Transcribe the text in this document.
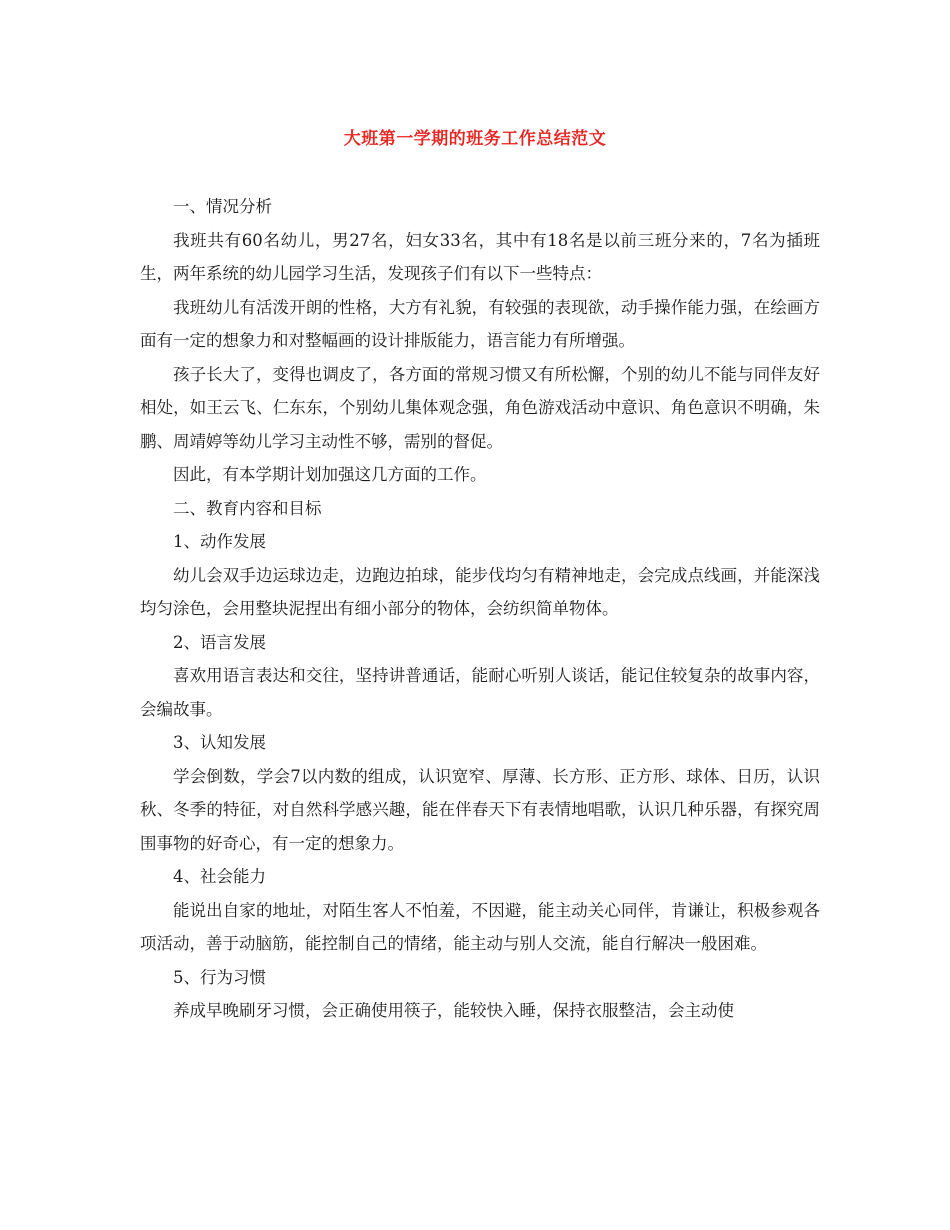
大班第一学期的班务工作总结范文

一、情况分析

我班共有60名幼儿，男27名，妇女33名，其中有18名是以前三班分来的，7名为插班生，两年系统的幼儿园学习生活，发现孩子们有以下一些特点：

我班幼儿有活泼开朗的性格，大方有礼貌，有较强的表现欲，动手操作能力强，在绘画方面有一定的想象力和对整幅画的设计排版能力，语言能力有所增强。

孩子长大了，变得也调皮了，各方面的常规习惯又有所松懈，个别的幼儿不能与同伴友好相处，如王云飞、仁东东，个别幼儿集体观念强，角色游戏活动中意识、角色意识不明确，朱鹏、周靖婷等幼儿学习主动性不够，需别的督促。

因此，有本学期计划加强这几方面的工作。

二、教育内容和目标

1、动作发展

幼儿会双手边运球边走，边跑边拍球，能步伐均匀有精神地走，会完成点线画，并能深浅均匀涂色，会用整块泥捏出有细小部分的物体，会纺织简单物体。

2、语言发展

喜欢用语言表达和交往，坚持讲普通话，能耐心听别人谈话，能记住较复杂的故事内容，会编故事。

3、认知发展

学会倒数，学会7以内数的组成，认识宽窄、厚薄、长方形、正方形、球体、日历，认识秋、冬季的特征，对自然科学感兴趣，能在伴春天下有表情地唱歌，认识几种乐器，有探究周围事物的好奇心，有一定的想象力。

4、社会能力

能说出自家的地址，对陌生客人不怕羞，不因避，能主动关心同伴，肯谦让，积极参观各项活动，善于动脑筋，能控制自己的情绪，能主动与别人交流，能自行解决一般困难。

5、行为习惯

养成早晚刷牙习惯，会正确使用筷子，能较快入睡，保持衣服整洁，会主动使
